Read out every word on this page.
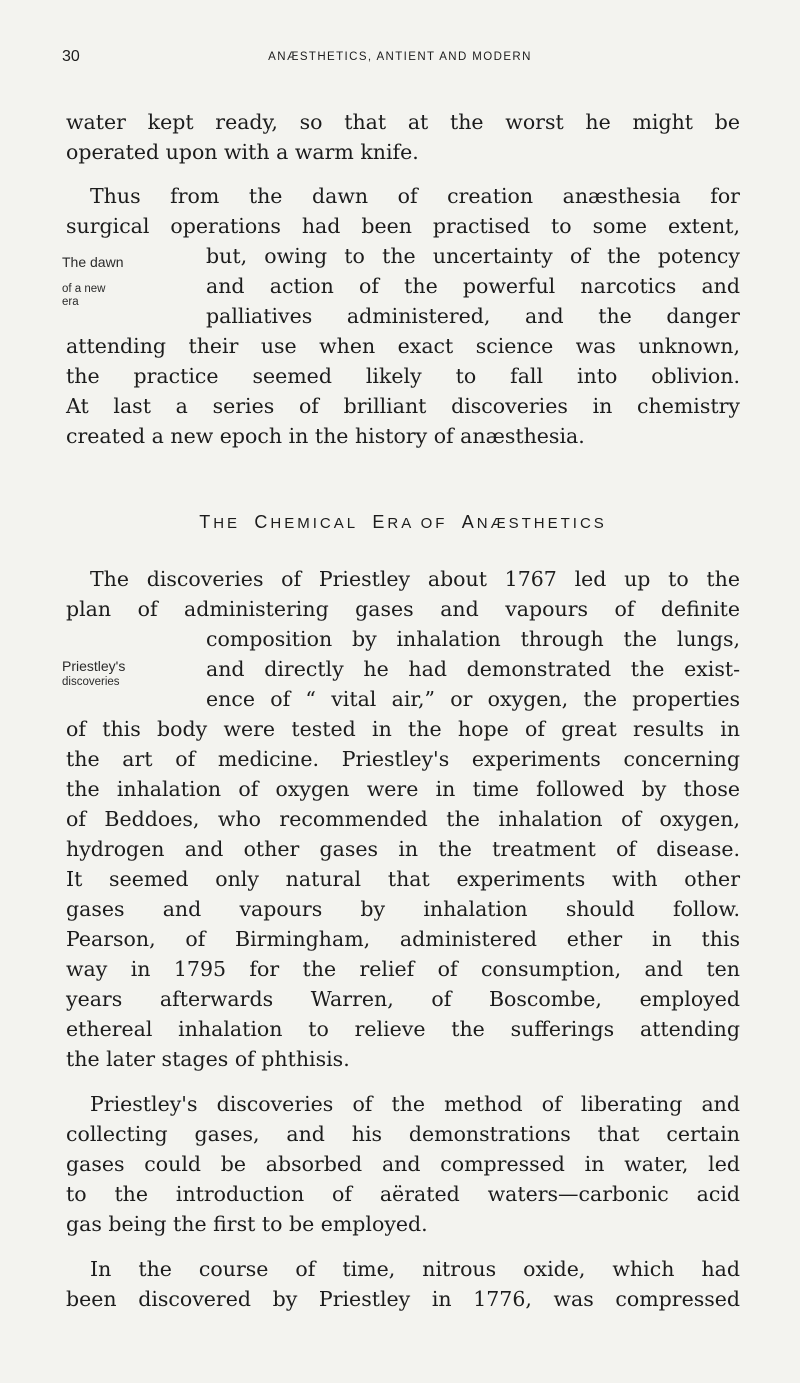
30	ANÆSTHETICS, ANTIENT AND MODERN
water kept ready, so that at the worst he might be
operated upon with a warm knife.
Thus from the dawn of creation anæsthesia for
surgical operations had been practised to some extent,
but, owing to the uncertainty of the potency
and action of the powerful narcotics and
palliatives administered, and the danger
attending their use when exact science was unknown,
the practice seemed likely to fall into oblivion.
At last a series of brilliant discoveries in chemistry
created a new epoch in the history of anæsthesia.
The dawn
of a new
era
THE CHEMICAL ERA OF ANÆSTHETICS
The discoveries of Priestley about 1767 led up to the
plan of administering gases and vapours of definite
composition by inhalation through the lungs,
and directly he had demonstrated the exist-
ence of “ vital air,” or oxygen, the properties
of this body were tested in the hope of great results in
the art of medicine. Priestley's experiments concerning
the inhalation of oxygen were in time followed by those
of Beddoes, who recommended the inhalation of oxygen,
hydrogen and other gases in the treatment of disease.
It seemed only natural that experiments with other
gases and vapours by inhalation should follow.
Pearson, of Birmingham, administered ether in this
way in 1795 for the relief of consumption, and ten
years afterwards Warren, of Boscombe, employed
ethereal inhalation to relieve the sufferings attending
the later stages of phthisis.
Priestley's
discoveries
Priestley's discoveries of the method of liberating and
collecting gases, and his demonstrations that certain
gases could be absorbed and compressed in water, led
to the introduction of aërated waters—carbonic acid
gas being the first to be employed.
In the course of time, nitrous oxide, which had
been discovered by Priestley in 1776, was compressed
